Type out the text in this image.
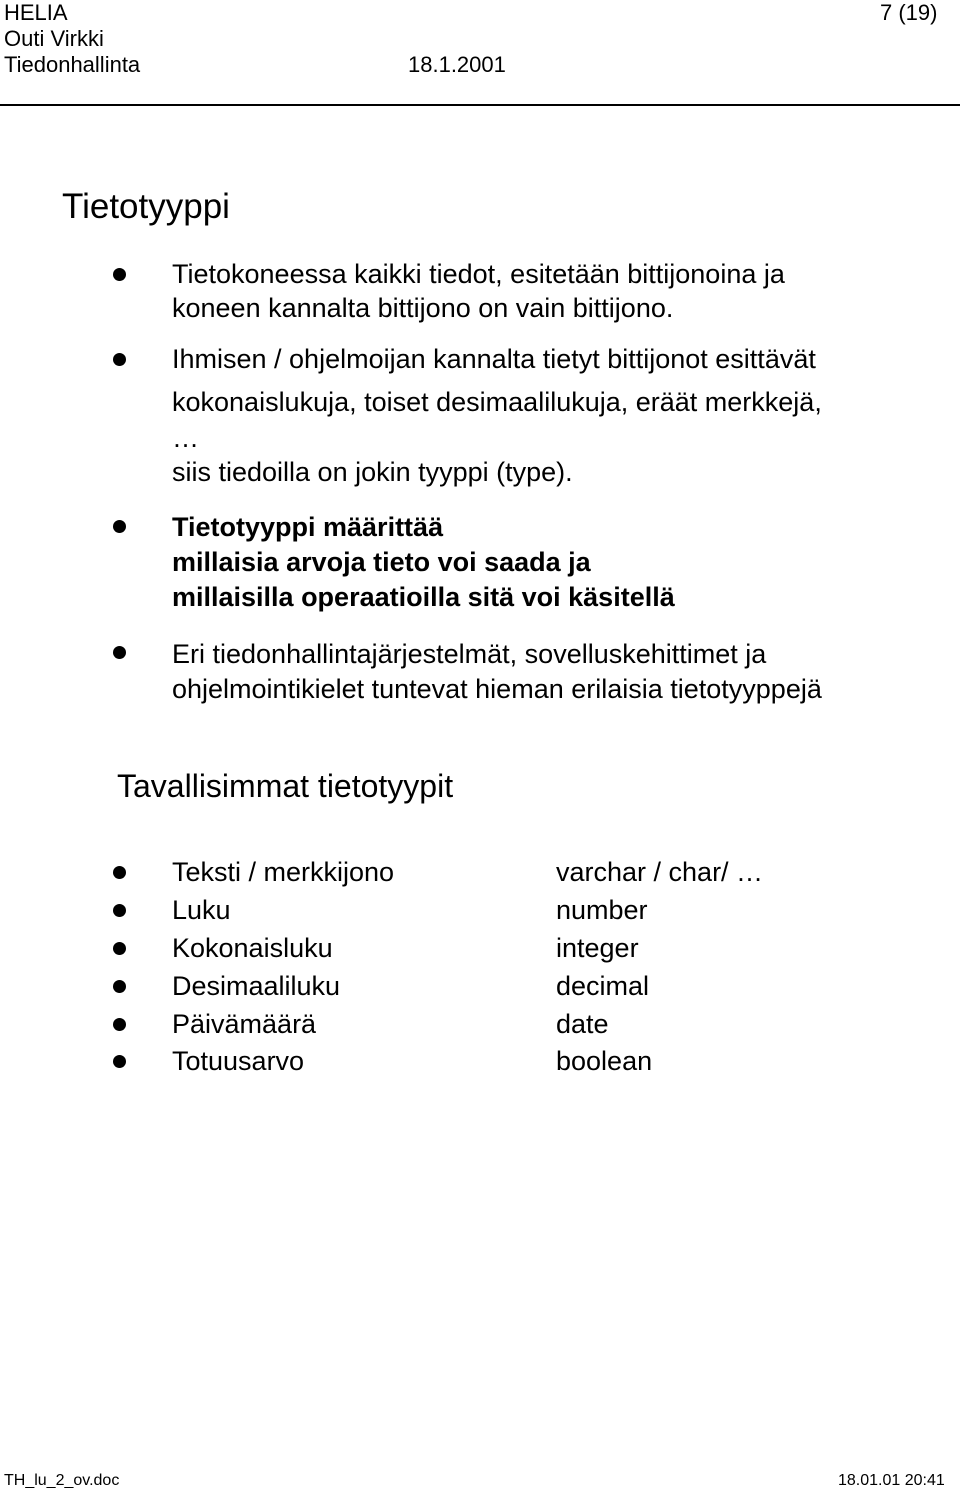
HELIA
Outi Virkki
Tiedonhallinta	18.1.2001
7 (19)
Tietotyyppi
Tietokoneessa kaikki tiedot, esitetään bittijonoina ja
koneen kannalta bittijono on vain bittijono.
Ihmisen / ohjelmoijan kannalta tietyt bittijonot esittävät
kokonaislukuja, toiset desimaalilukuja, eräät merkkejä,
…
siis tiedoilla on jokin tyyppi (type).
Tietotyyppi määrittää
millaisia arvoja tieto voi saada ja
millaisilla operaatioilla sitä voi käsitellä
Eri tiedonhallintajärjestelmät, sovelluskehittimet ja
ohjelmointikielet tuntevat hieman erilaisia tietotyyppejä
Tavallisimmat tietotyypit
Teksti / merkkijono	varchar / char/ …
Luku	number
Kokonaisluku	integer
Desimaaliluku	decimal
Päivämäärä	date
Totuusarvo	boolean
TH_lu_2_ov.doc	18.01.01 20:41
